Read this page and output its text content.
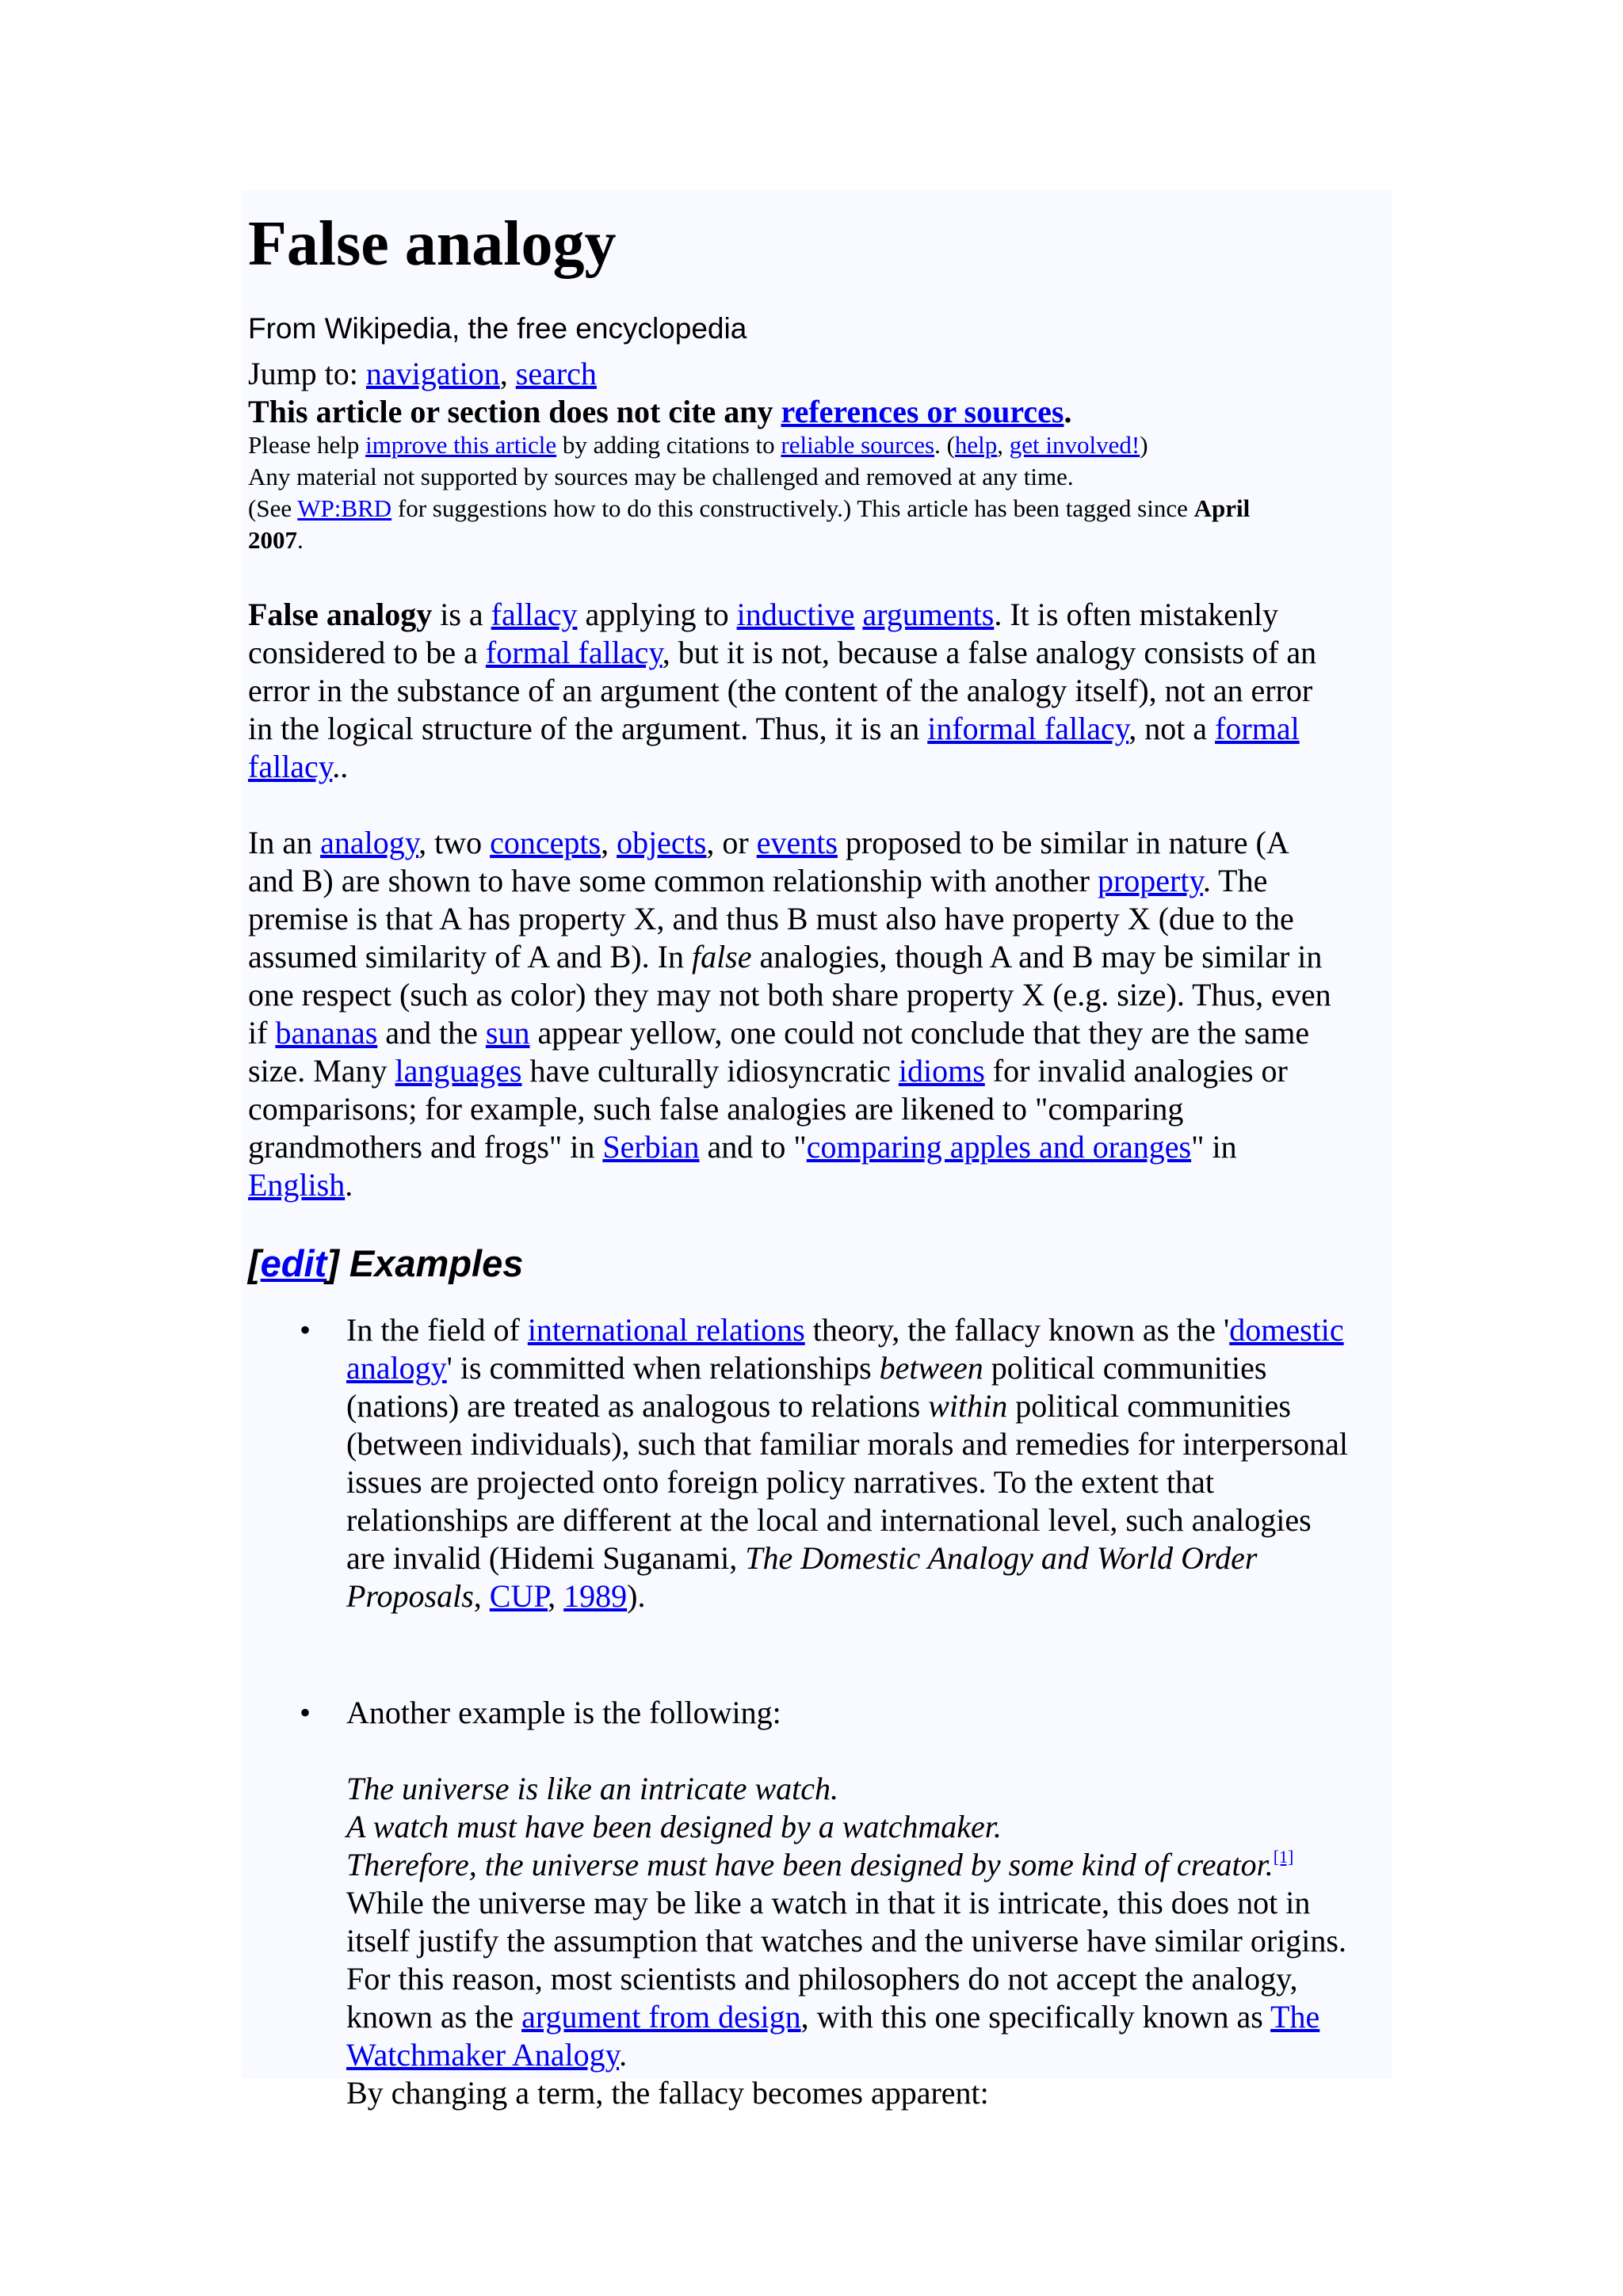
False analogy
From Wikipedia, the free encyclopedia
Jump to: navigation, search
This article or section does not cite any references or sources.
Please help improve this article by adding citations to reliable sources. (help, get involved!)
Any material not supported by sources may be challenged and removed at any time.
(See WP:BRD for suggestions how to do this constructively.) This article has been tagged since April
2007.
False analogy is a fallacy applying to inductive arguments. It is often mistakenly
considered to be a formal fallacy, but it is not, because a false analogy consists of an
error in the substance of an argument (the content of the analogy itself), not an error
in the logical structure of the argument. Thus, it is an informal fallacy, not a formal
fallacy..
In an analogy, two concepts, objects, or events proposed to be similar in nature (A
and B) are shown to have some common relationship with another property. The
premise is that A has property X, and thus B must also have property X (due to the
assumed similarity of A and B). In false analogies, though A and B may be similar in
one respect (such as color) they may not both share property X (e.g. size). Thus, even
if bananas and the sun appear yellow, one could not conclude that they are the same
size. Many languages have culturally idiosyncratic idioms for invalid analogies or
comparisons; for example, such false analogies are likened to "comparing
grandmothers and frogs" in Serbian and to "comparing apples and oranges" in
English.
[edit] Examples
• In the field of international relations theory, the fallacy known as the 'domestic
analogy' is committed when relationships between political communities
(nations) are treated as analogous to relations within political communities
(between individuals), such that familiar morals and remedies for interpersonal
issues are projected onto foreign policy narratives. To the extent that
relationships are different at the local and international level, such analogies
are invalid (Hidemi Suganami, The Domestic Analogy and World Order
Proposals, CUP, 1989).
• Another example is the following:
The universe is like an intricate watch.
A watch must have been designed by a watchmaker.
Therefore, the universe must have been designed by some kind of creator.[1]
While the universe may be like a watch in that it is intricate, this does not in
itself justify the assumption that watches and the universe have similar origins.
For this reason, most scientists and philosophers do not accept the analogy,
known as the argument from design, with this one specifically known as The
Watchmaker Analogy.
By changing a term, the fallacy becomes apparent:
